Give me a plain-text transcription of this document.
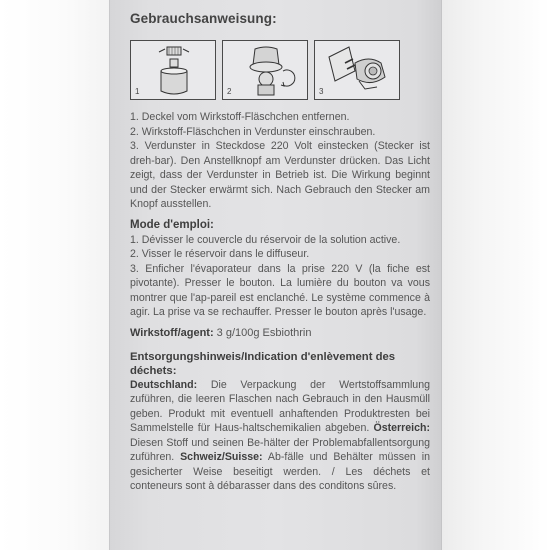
Gebrauchsanweisung:
1	2	3
1. Deckel vom Wirkstoff-Fläschchen entfernen.
2. Wirkstoff-Fläschchen in Verdunster einschrauben.
3. Verdunster in Steckdose 220 Volt einstecken (Stecker ist dreh-bar). Den Anstellknopf am Verdunster drücken. Das Licht zeigt, dass der Verdunster in Betrieb ist. Die Wirkung beginnt und der Stecker erwärmt sich. Nach Gebrauch den Stecker am Knopf ausstellen.
Mode d'emploi:
1. Dévisser le couvercle du réservoir de la solution active.
2. Visser le réservoir dans le diffuseur.
3. Enficher l'évaporateur dans la prise 220 V (la fiche est pivotante). Presser le bouton. La lumière du bouton va vous montrer que l'ap-pareil est enclanché. Le système commence à agir. La prise va se rechauffer. Presser le bouton après l'usage.
Wirkstoff/agent: 3 g/100g Esbiothrin
Entsorgungshinweis/Indication d'enlèvement des déchets:
Deutschland: Die Verpackung der Wertstoffsammlung zuführen, die leeren Flaschen nach Gebrauch in den Hausmüll geben. Produkt mit eventuell anhaftenden Produktresten bei Sammelstelle für Haus-haltschemikalien abgeben. Österreich: Diesen Stoff und seinen Be-hälter der Problemabfallentsorgung zuführen. Schweiz/Suisse: Ab-fälle und Behälter müssen in gesicherter Weise beseitigt werden. / Les déchets et conteneurs sont à débarasser dans des conditons sûres.
